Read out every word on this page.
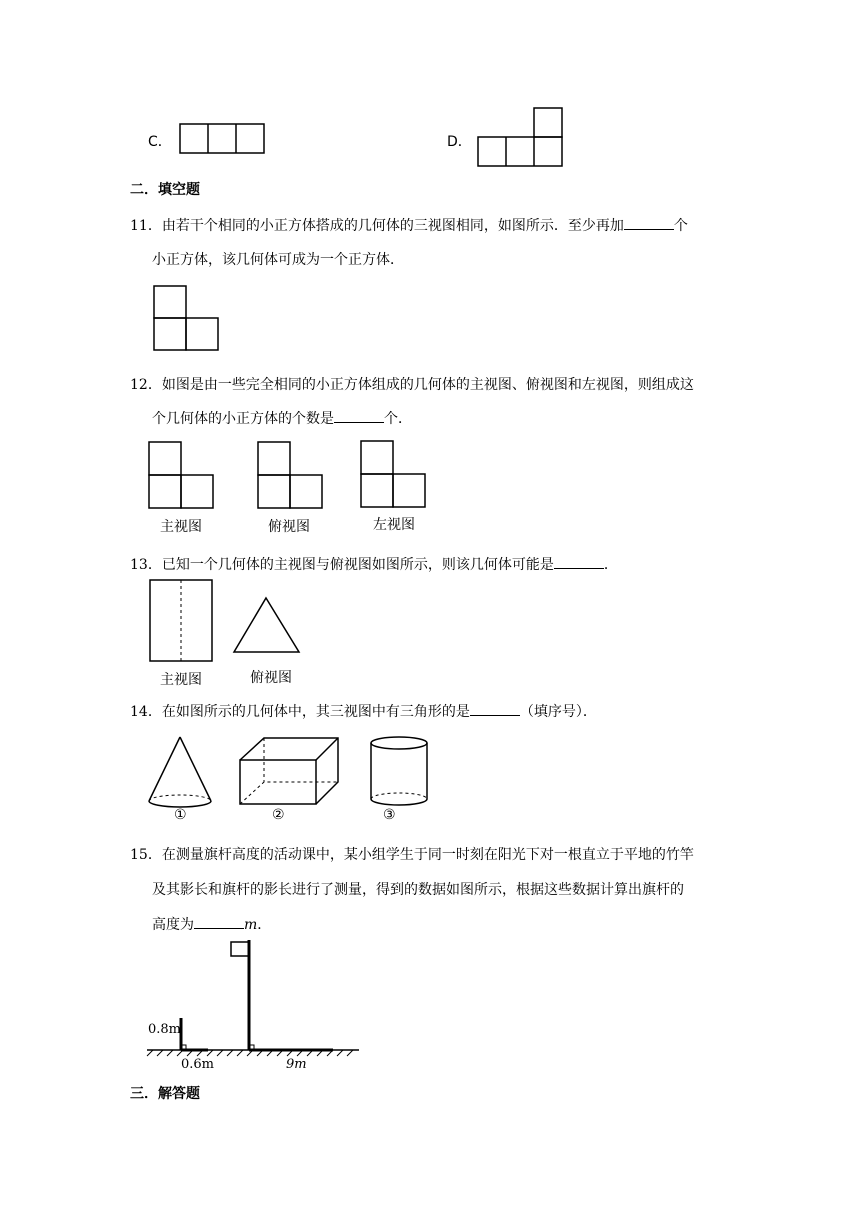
C．	D．
二．填空题
11．由若干个相同的小正方体搭成的几何体的三视图相同，如图所示．至少再加	个
小正方体，该几何体可成为一个正方体．
12．如图是由一些完全相同的小正方体组成的几何体的主视图、俯视图和左视图，则组成这
个几何体的小正方体的个数是	个．
主视图	俯视图	左视图
13．已知一个几何体的主视图与俯视图如图所示，则该几何体可能是	．
主视图	俯视图
14．在如图所示的几何体中，其三视图中有三角形的是	（填序号）．
①	②	③
15．在测量旗杆高度的活动课中，某小组学生于同一时刻在阳光下对一根直立于平地的竹竿
及其影长和旗杆的影长进行了测量，得到的数据如图所示，根据这些数据计算出旗杆的
高度为	m．
0.8m
0.6m	9m
三．解答题
